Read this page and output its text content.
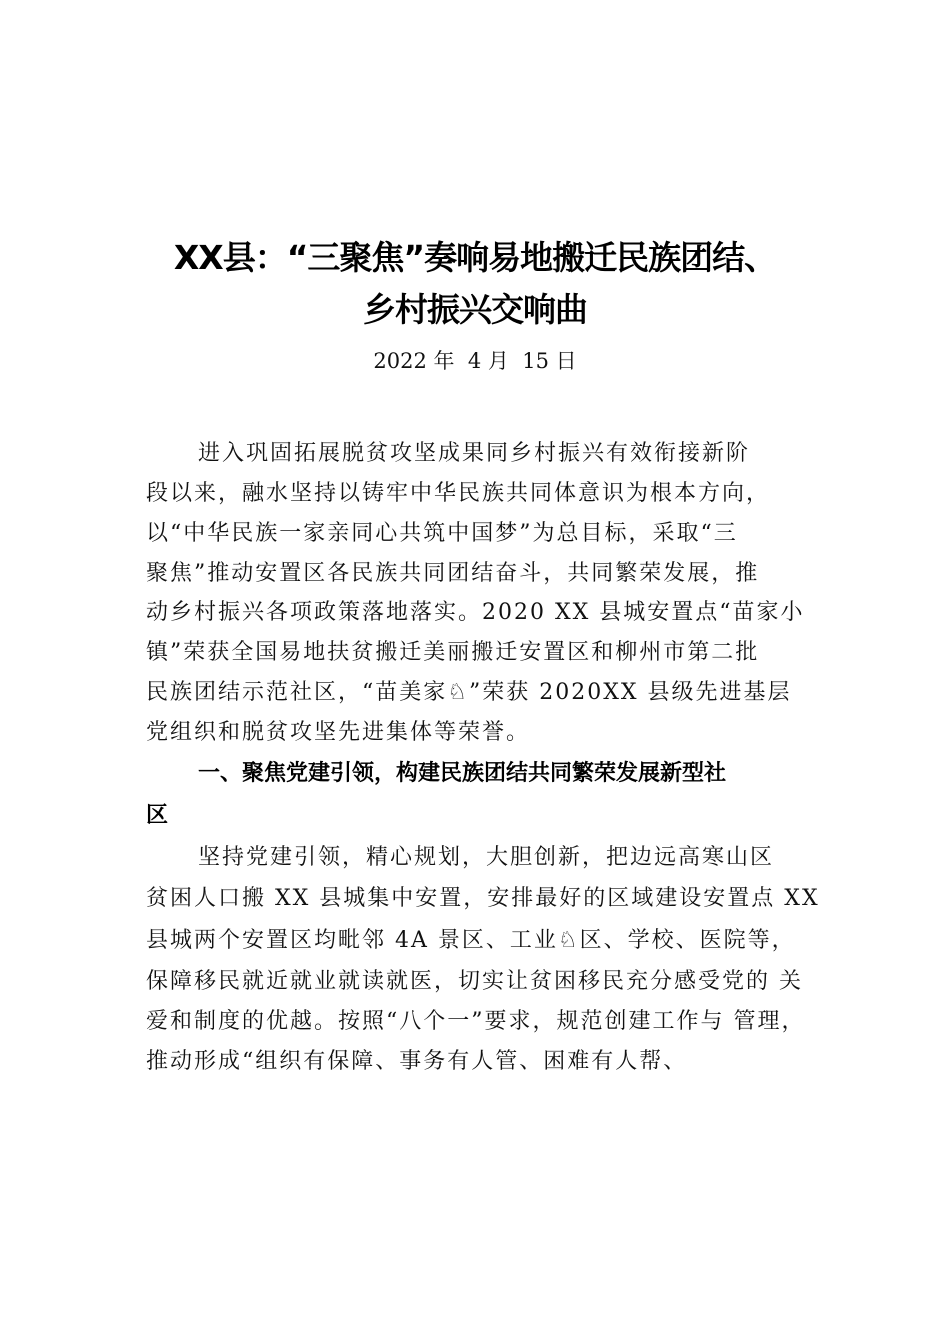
XX县：“三聚焦”奏响易地搬迁民族团结、
乡村振兴交响曲
2022 年  4 月  15 日
进入巩固拓展脱贫攻坚成果同乡村振兴有效衔接新阶
段以来，融水坚持以铸牢中华民族共同体意识为根本方向，
以“中华民族一家亲同心共筑中国梦”为总目标，采取“三
聚焦”推动安置区各民族共同团结奋斗，共同繁荣发展，推
动乡村振兴各项政策落地落实。2020 XX 县城安置点“苗家小
镇”荣获全国易地扶贫搬迁美丽搬迁安置区和柳州市第二批
民族团结示范社区，“苗美家♘”荣获 2020XX 县级先进基层
党组织和脱贫攻坚先进集体等荣誉。
一、聚焦党建引领，构建民族团结共同繁荣发展新型社
区
坚持党建引领，精心规划，大胆创新，把边远高寒山区
贫困人口搬 XX 县城集中安置，安排最好的区域建设安置点 XX
县城两个安置区均毗邻 4A 景区、工业♘区、学校、医院等，
保障移民就近就业就读就医，切实让贫困移民充分感受党的 关
爱和制度的优越。按照“八个一”要求，规范创建工作与 管理，
推动形成“组织有保障、事务有人管、困难有人帮、
